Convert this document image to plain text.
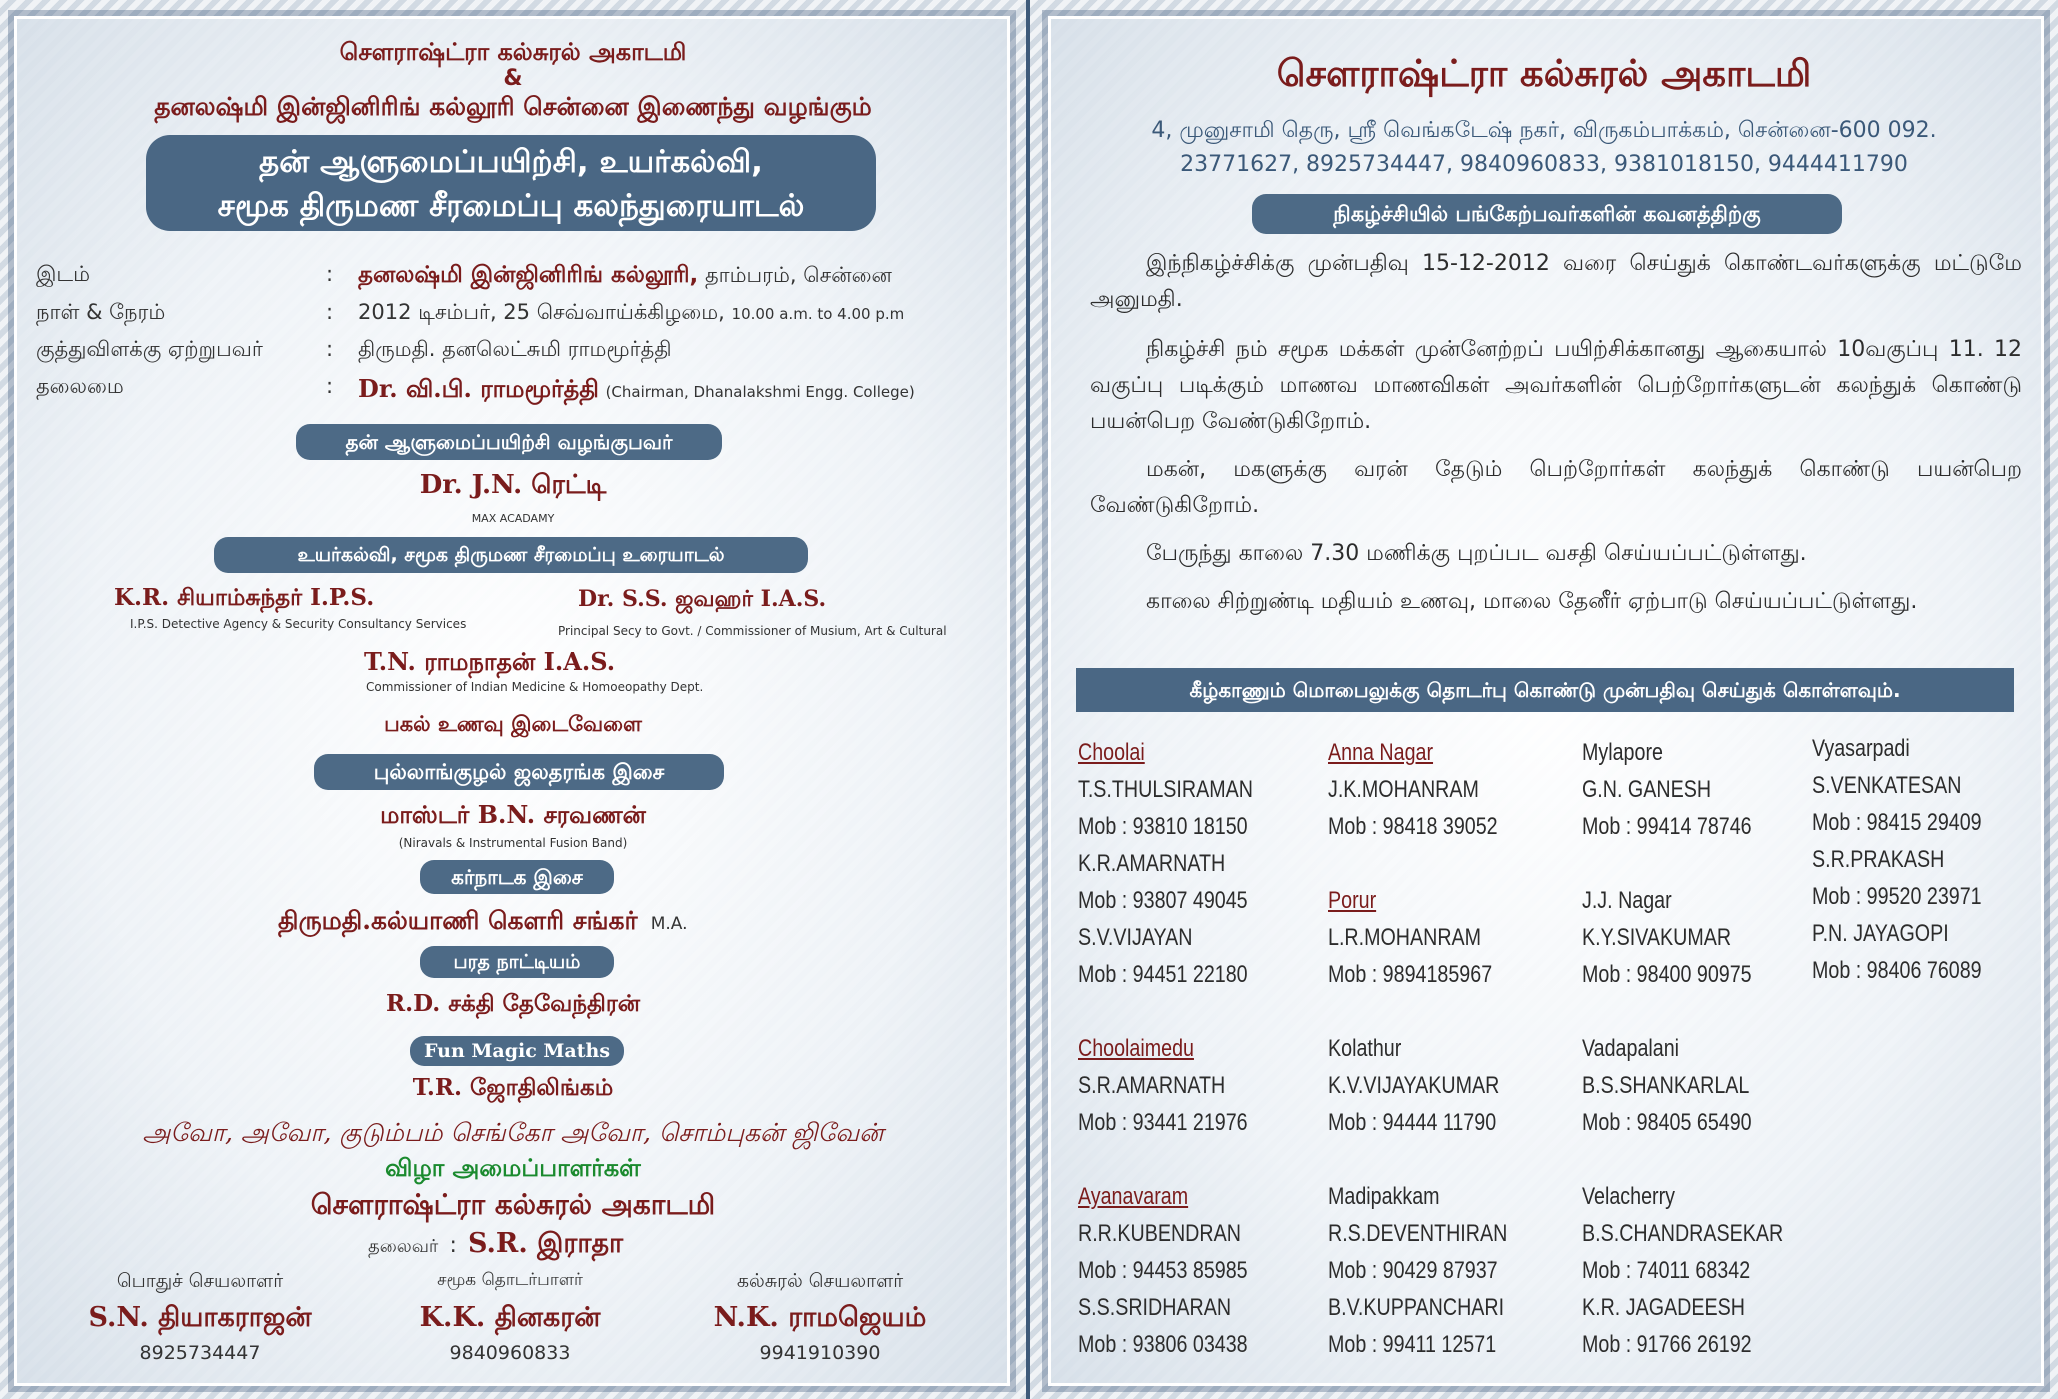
சௌராஷ்ட்ரா கல்சுரல் அகாடமி
&
தனலஷ்மி இன்ஜினிரிங் கல்லூரி சென்னை இணைந்து வழங்கும்
தன் ஆளுமைப்பயிற்சி, உயர்கல்வி,
சமூக திருமண சீரமைப்பு கலந்துரையாடல்
இடம்	: தனலஷ்மி இன்ஜினிரிங் கல்லூரி, தாம்பரம், சென்னை
நாள் & நேரம்	: 2012 டிசம்பர், 25 செவ்வாய்க்கிழமை, 10.00 a.m. to 4.00 p.m
குத்துவிளக்கு ஏற்றுபவர்	: திருமதி. தனலெட்சுமி ராமமூர்த்தி
தலைமை	: Dr. வி.பி. ராமமூர்த்தி (Chairman, Dhanalakshmi Engg. College)
தன் ஆளுமைப்பயிற்சி வழங்குபவர்
Dr. J.N. ரெட்டி
MAX ACADAMY
உயர்கல்வி, சமூக திருமண சீரமைப்பு உரையாடல்
K.R. சியாம்சுந்தர் I.P.S.
I.P.S. Detective Agency & Security Consultancy Services
Dr. S.S. ஜவஹர் I.A.S.
Principal Secy to Govt. / Commissioner of Musium, Art & Cultural
T.N. ராமநாதன் I.A.S.
Commissioner of Indian Medicine & Homoeopathy Dept.
பகல் உணவு இடைவேளை
புல்லாங்குழல் ஜலதரங்க இசை
மாஸ்டர் B.N. சரவணன்
(Niravals & Instrumental Fusion Band)
கர்நாடக இசை
திருமதி.கல்யாணி கௌரி சங்கர் M.A.
பரத நாட்டியம்
R.D. சக்தி தேவேந்திரன்
Fun Magic Maths
T.R. ஜோதிலிங்கம்
அவோ, அவோ, குடும்பம் செங்கோ அவோ, சொம்புகன் ஜிவேன்
விழா அமைப்பாளர்கள்
சௌராஷ்ட்ரா கல்சுரல் அகாடமி
தலைவர் : S.R. இராதா
பொதுச் செயலாளர்
S.N. தியாகராஜன்
8925734447
சமூக தொடர்பாளர்
K.K. தினகரன்
9840960833
கல்சுரல் செயலாளர்
N.K. ராமஜெயம்
9941910390
சௌராஷ்ட்ரா கல்சுரல் அகாடமி
4, முனுசாமி தெரு, ஸ்ரீ வெங்கடேஷ் நகர், விருகம்பாக்கம், சென்னை-600 092.
23771627, 8925734447, 9840960833, 9381018150, 9444411790
நிகழ்ச்சியில் பங்கேற்பவர்களின் கவனத்திற்கு
இந்நிகழ்ச்சிக்கு முன்பதிவு 15-12-2012 வரை செய்துக் கொண்டவர்களுக்கு மட்டுமே அனுமதி.
நிகழ்ச்சி நம் சமூக மக்கள் முன்னேற்றப் பயிற்சிக்கானது ஆகையால் 10வகுப்பு 11. 12 வகுப்பு படிக்கும் மாணவ மாணவிகள் அவர்களின் பெற்றோர்களுடன் கலந்துக் கொண்டு பயன்பெற வேண்டுகிறோம்.
மகன், மகளுக்கு வரன் தேடும் பெற்றோர்கள் கலந்துக் கொண்டு பயன்பெற வேண்டுகிறோம்.
பேருந்து காலை 7.30 மணிக்கு புறப்பட வசதி செய்யப்பட்டுள்ளது.
காலை சிற்றுண்டி மதியம் உணவு, மாலை தேனீர் ஏற்பாடு செய்யப்பட்டுள்ளது.
கீழ்காணும் மொபைலுக்கு தொடர்பு கொண்டு முன்பதிவு செய்துக் கொள்ளவும்.
Choolai
T.S.THULSIRAMAN
Mob : 93810 18150
K.R.AMARNATH
Mob : 93807 49045
S.V.VIJAYAN
Mob : 94451 22180
Choolaimedu
S.R.AMARNATH
Mob : 93441 21976
Ayanavaram
R.R.KUBENDRAN
Mob : 94453 85985
S.S.SRIDHARAN
Mob : 93806 03438
Anna Nagar
J.K.MOHANRAM
Mob : 98418 39052
Porur
L.R.MOHANRAM
Mob : 9894185967
Kolathur
K.V.VIJAYAKUMAR
Mob : 94444 11790
Madipakkam
R.S.DEVENTHIRAN
Mob : 90429 87937
B.V.KUPPANCHARI
Mob : 99411 12571
Mylapore
G.N. GANESH
Mob : 99414 78746
J.J. Nagar
K.Y.SIVAKUMAR
Mob : 98400 90975
Vadapalani
B.S.SHANKARLAL
Mob : 98405 65490
Velacherry
B.S.CHANDRASEKAR
Mob : 74011 68342
K.R. JAGADEESH
Mob : 91766 26192
Vyasarpadi
S.VENKATESAN
Mob : 98415 29409
S.R.PRAKASH
Mob : 99520 23971
P.N. JAYAGOPI
Mob : 98406 76089
